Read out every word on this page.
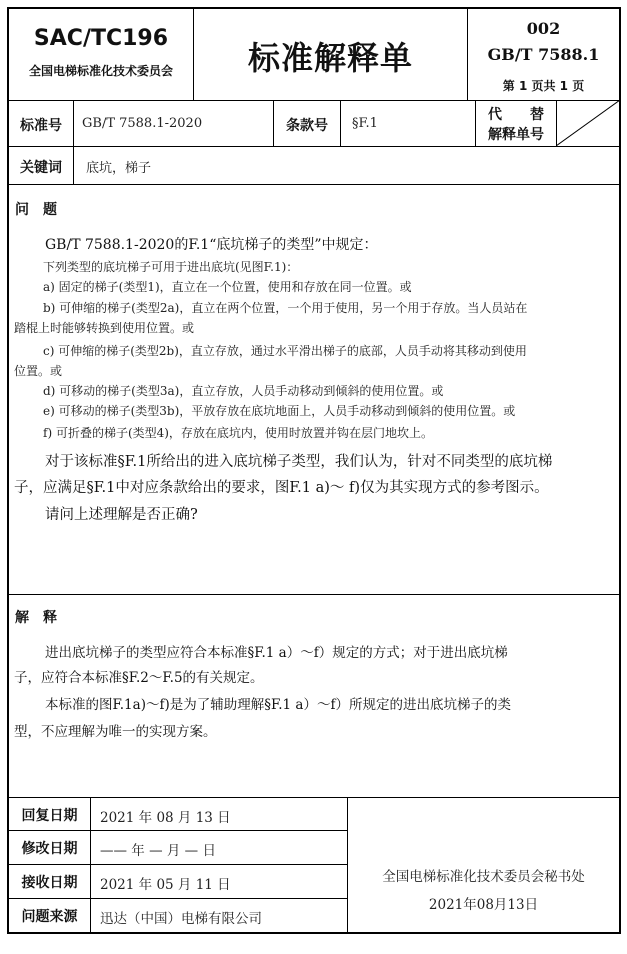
SAC/TC196
全国电梯标准化技术委员会	标准解释单
002
GB/T 7588.1
第 1 页共 1 页
标准号	GB/T 7588.1-2020	条款号	§F.1
代　　替
解释单号
关键词	底坑，梯子
问　题
GB/T 7588.1-2020的F.1“底坑梯子的类型”中规定：
下列类型的底坑梯子可用于进出底坑(见图F.1)：
a) 固定的梯子(类型1)，直立在一个位置，使用和存放在同一位置。或
b) 可伸缩的梯子(类型2a)，直立在两个位置，一个用于使用，另一个用于存放。当人员站在
踏棍上时能够转换到使用位置。或
c) 可伸缩的梯子(类型2b)，直立存放，通过水平滑出梯子的底部，人员手动将其移动到使用
位置。或
d) 可移动的梯子(类型3a)，直立存放，人员手动移动到倾斜的使用位置。或
e) 可移动的梯子(类型3b)，平放存放在底坑地面上，人员手动移动到倾斜的使用位置。或
f) 可折叠的梯子(类型4)，存放在底坑内，使用时放置并钩在层门地坎上。
对于该标准§F.1所给出的进入底坑梯子类型，我们认为，针对不同类型的底坑梯
子，应满足§F.1中对应条款给出的要求，图F.1 a)～ f)仅为其实现方式的参考图示。
请问上述理解是否正确?
解　释
进出底坑梯子的类型应符合本标准§F.1 a）～f）规定的方式；对于进出底坑梯
子，应符合本标准§F.2～F.5的有关规定。
本标准的图F.1a)～f)是为了辅助理解§F.1 a）～f）所规定的进出底坑梯子的类
型，不应理解为唯一的实现方案。
回复日期	2021 年 08 月 13 日
修改日期	—— 年 — 月 — 日
接收日期	2021 年 05 月 11 日
问题来源	迅达（中国）电梯有限公司
全国电梯标准化技术委员会秘书处
2021年08月13日
